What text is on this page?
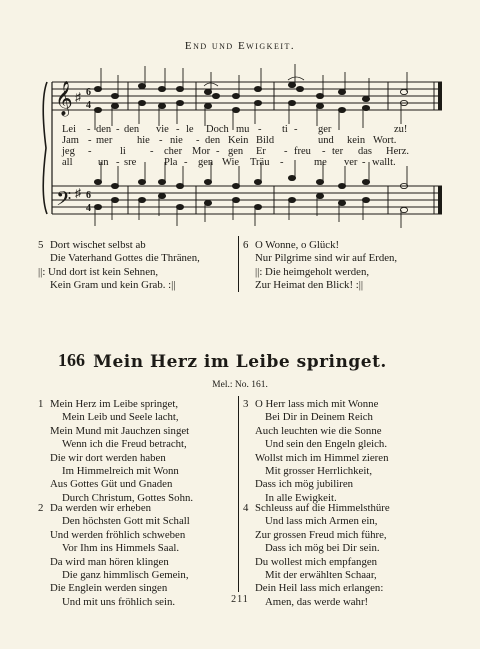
End und Ewigkeit.
𝄞
𝄢
♯
♯
6
4
6
4
Lei - den - den vie - le Doch mu - ti - ger	zu!
Jam - mer hie - nie - den Kein Bild	und kein Wort.
jeg -	li - cher Mor - gen Er - freu - ter das Herz.
all un - sre	Pla - gen Wie Träu -	me ver - wallt.
5 Dort wischet selbst ab
Die Vaterhand Gottes die Thränen,
||: Und dort ist kein Sehnen,
Kein Gram und kein Grab. :||
6 O Wonne, o Glück!
Nur Pilgrime sind wir auf Erden,
||: Die heimgeholt werden,
Zur Heimat den Blick! :||
166 Mein Herz im Leibe springet.
Mel.: No. 161.
1 Mein Herz im Leibe springet,
Mein Leib und Seele lacht,
Mein Mund mit Jauchzen singet
Wenn ich die Freud betracht,
Die wir dort werden haben
Im Himmelreich mit Wonn
Aus Gottes Güt und Gnaden
Durch Christum, Gottes Sohn.
3 O Herr lass mich mit Wonne
Bei Dir in Deinem Reich
Auch leuchten wie die Sonne
Und sein den Engeln gleich.
Wollst mich im Himmel zieren
Mit grosser Herrlichkeit,
Dass ich mög jubiliren
In alle Ewigkeit.
2 Da werden wir erheben
Den höchsten Gott mit Schall
Und werden fröhlich schweben
Vor Ihm ins Himmels Saal.
Da wird man hören klingen
Die ganz himmlisch Gemein,
Die Englein werden singen
Und mit uns fröhlich sein.
4 Schleuss auf die Himmelsthüre
Und lass mich Armen ein,
Zur grossen Freud mich führe,
Dass ich mög bei Dir sein.
Du wollest mich empfangen
Mit der erwählten Schaar,
Dein Heil lass mich erlangen:
Amen, das werde wahr!
211
